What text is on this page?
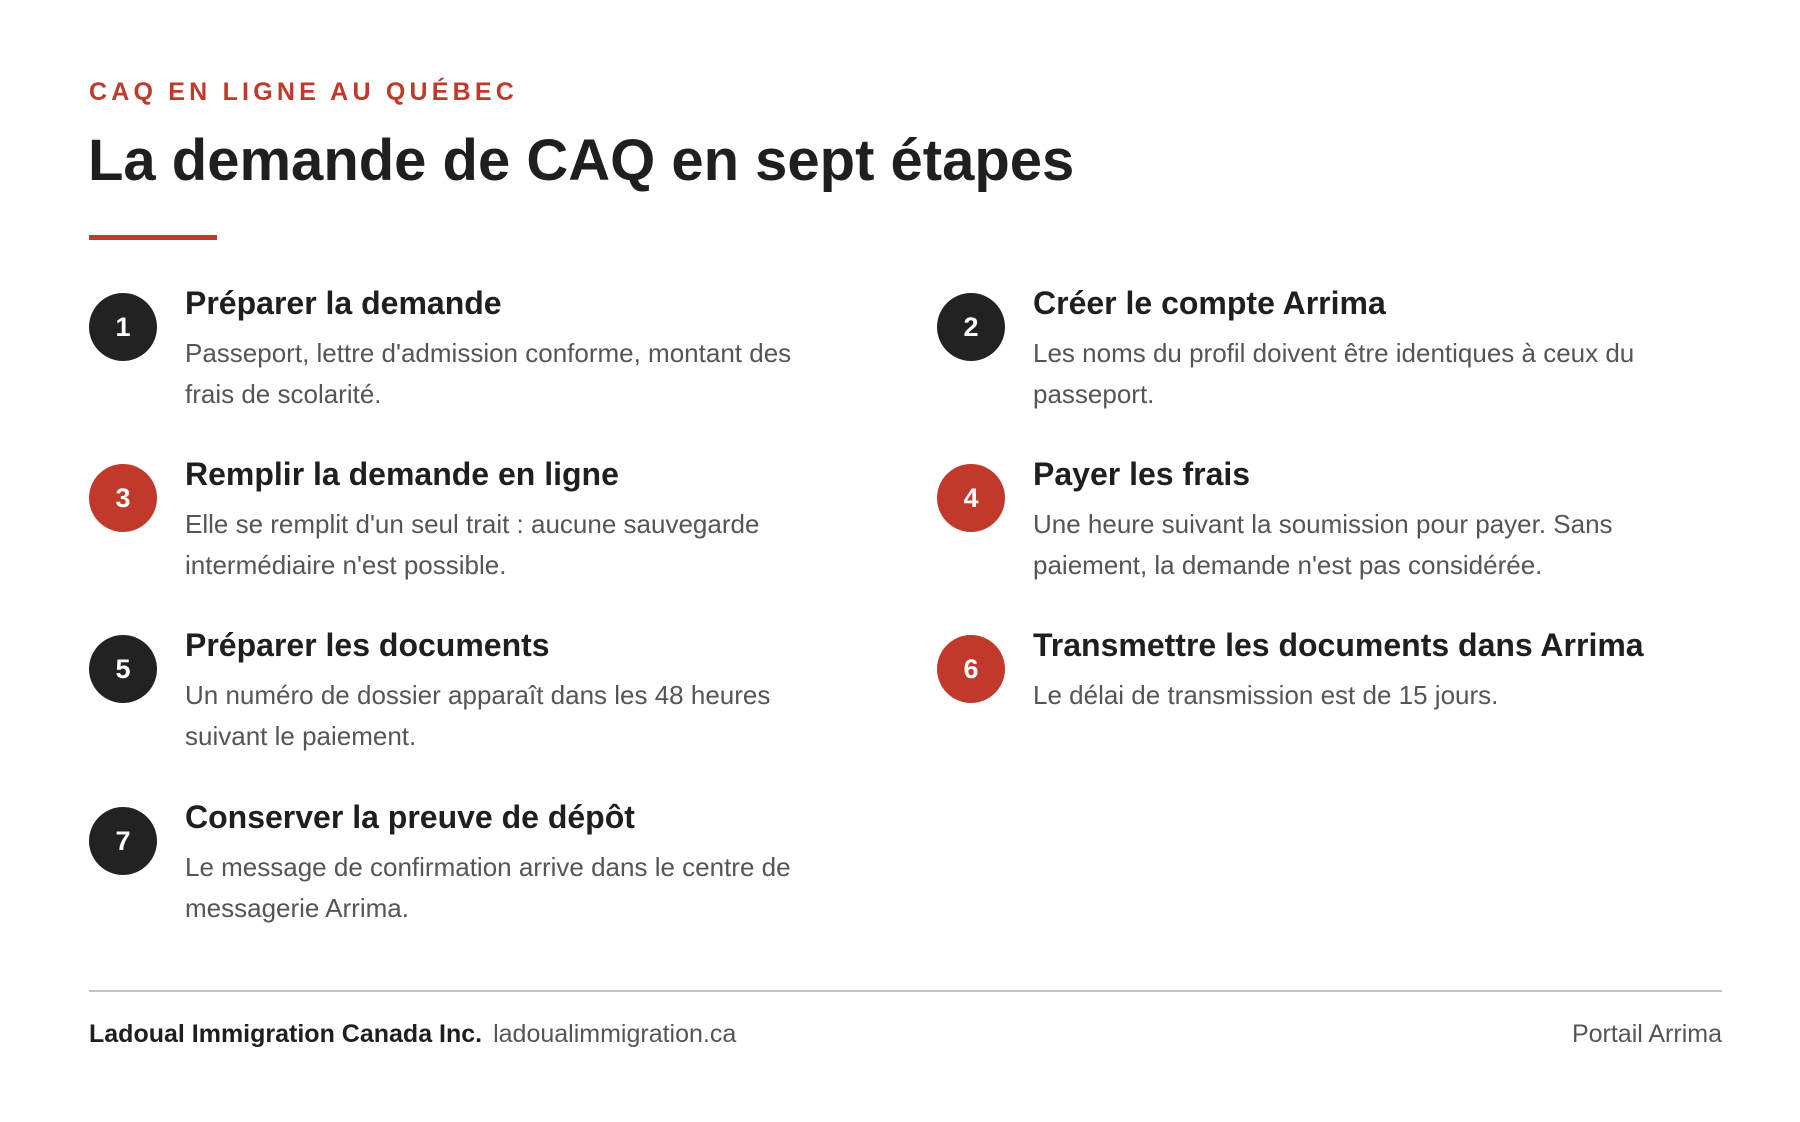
CAQ EN LIGNE AU QUÉBEC
La demande de CAQ en sept étapes
1
Préparer la demande
Passeport, lettre d'admission conforme, montant des frais de scolarité.
2
Créer le compte Arrima
Les noms du profil doivent être identiques à ceux du passeport.
3
Remplir la demande en ligne
Elle se remplit d'un seul trait : aucune sauvegarde intermédiaire n'est possible.
4
Payer les frais
Une heure suivant la soumission pour payer. Sans paiement, la demande n'est pas considérée.
5
Préparer les documents
Un numéro de dossier apparaît dans les 48 heures suivant le paiement.
6
Transmettre les documents dans Arrima
Le délai de transmission est de 15 jours.
7
Conserver la preuve de dépôt
Le message de confirmation arrive dans le centre de messagerie Arrima.
Ladoual Immigration Canada Inc. ladoualimmigration.ca	Portail Arrima
